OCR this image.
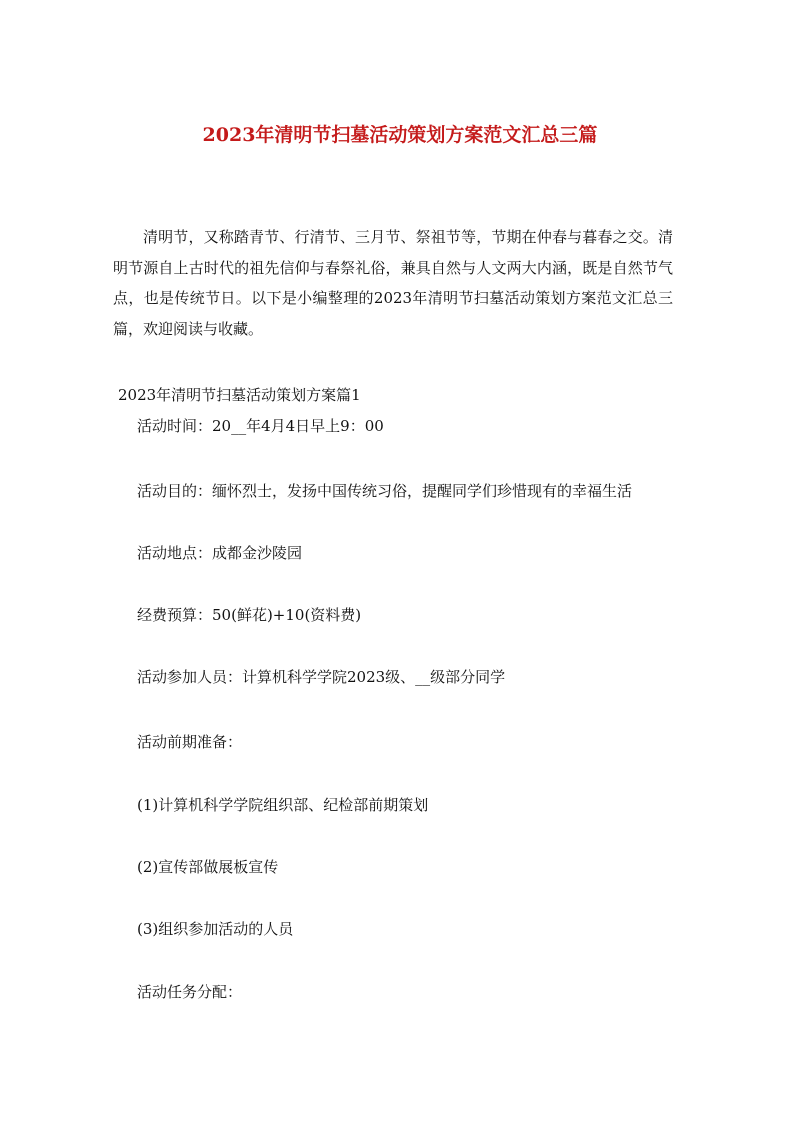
2023年清明节扫墓活动策划方案范文汇总三篇
清明节，又称踏青节、行清节、三月节、祭祖节等，节期在仲春与暮春之交。清明节源自上古时代的祖先信仰与春祭礼俗，兼具自然与人文两大内涵，既是自然节气点，也是传统节日。以下是小编整理的2023年清明节扫墓活动策划方案范文汇总三篇，欢迎阅读与收藏。
2023年清明节扫墓活动策划方案篇1
活动时间：20__年4月4日早上9：00
活动目的：缅怀烈士，发扬中国传统习俗，提醒同学们珍惜现有的幸福生活
活动地点：成都金沙陵园
经费预算：50(鲜花)+10(资料费)
活动参加人员：计算机科学学院2023级、__级部分同学
活动前期准备：
(1)计算机科学学院组织部、纪检部前期策划
(2)宣传部做展板宣传
(3)组织参加活动的人员
活动任务分配：
